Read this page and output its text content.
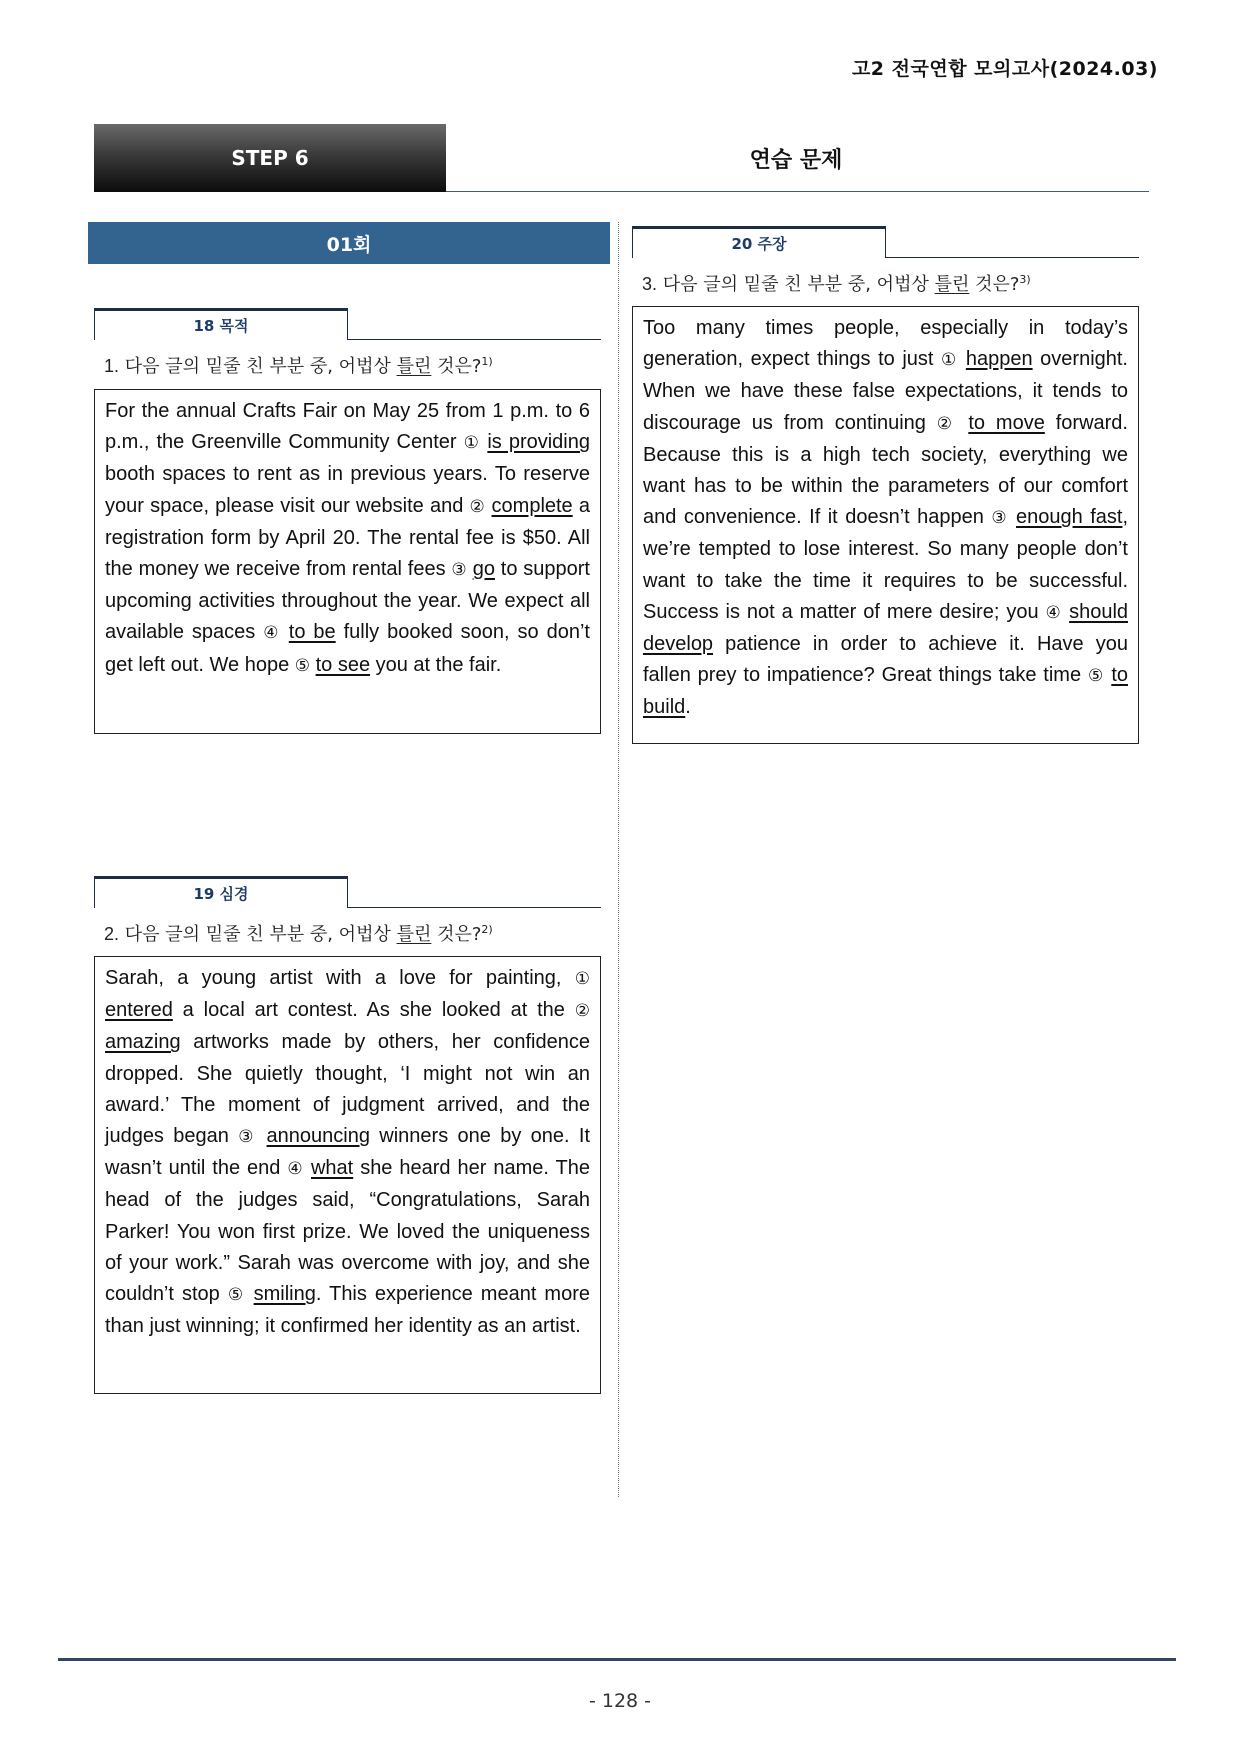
고2 전국연합 모의고사(2024.03)
STEP 6	연습 문제
01회
18 목적
1. 다음 글의 밑줄 친 부분 중, 어법상 틀린 것은?$^{1)}$
For the annual Crafts Fair on May 25 from 1 p.m. to 6 p.m., the Greenville Community Center ① is providing booth spaces to rent as in previous years. To reserve your space, please visit our website and ② complete a registration form by April 20. The rental fee is $50. All the money we receive from rental fees ③ go to support upcoming activities throughout the year. We expect all available spaces ④ to be fully booked soon, so don’t get left out. We hope ⑤ to see you at the fair.
19 심경
2. 다음 글의 밑줄 친 부분 중, 어법상 틀린 것은?$^{2)}$
Sarah, a young artist with a love for painting, ① entered a local art contest. As she looked at the ② amazing artworks made by others, her confidence dropped. She quietly thought, ‘I might not win an award.’ The moment of judgment arrived, and the judges began ③ announcing winners one by one. It wasn’t until the end ④ what she heard her name. The head of the judges said, “Congratulations, Sarah Parker! You won first prize. We loved the uniqueness of your work.” Sarah was overcome with joy, and she couldn’t stop ⑤ smiling. This experience meant more than just winning; it confirmed her identity as an artist.
20 주장
3. 다음 글의 밑줄 친 부분 중, 어법상 틀린 것은?$^{3)}$
Too many times people, especially in today’s generation, expect things to just ① happen overnight. When we have these false expectations, it tends to discourage us from continuing ② to move forward. Because this is a high tech society, everything we want has to be within the parameters of our comfort and convenience. If it doesn’t happen ③ enough fast, we’re tempted to lose interest. So many people don’t want to take the time it requires to be successful. Success is not a matter of mere desire; you ④ should develop patience in order to achieve it. Have you fallen prey to impatience? Great things take time ⑤ to build.
- 128 -
